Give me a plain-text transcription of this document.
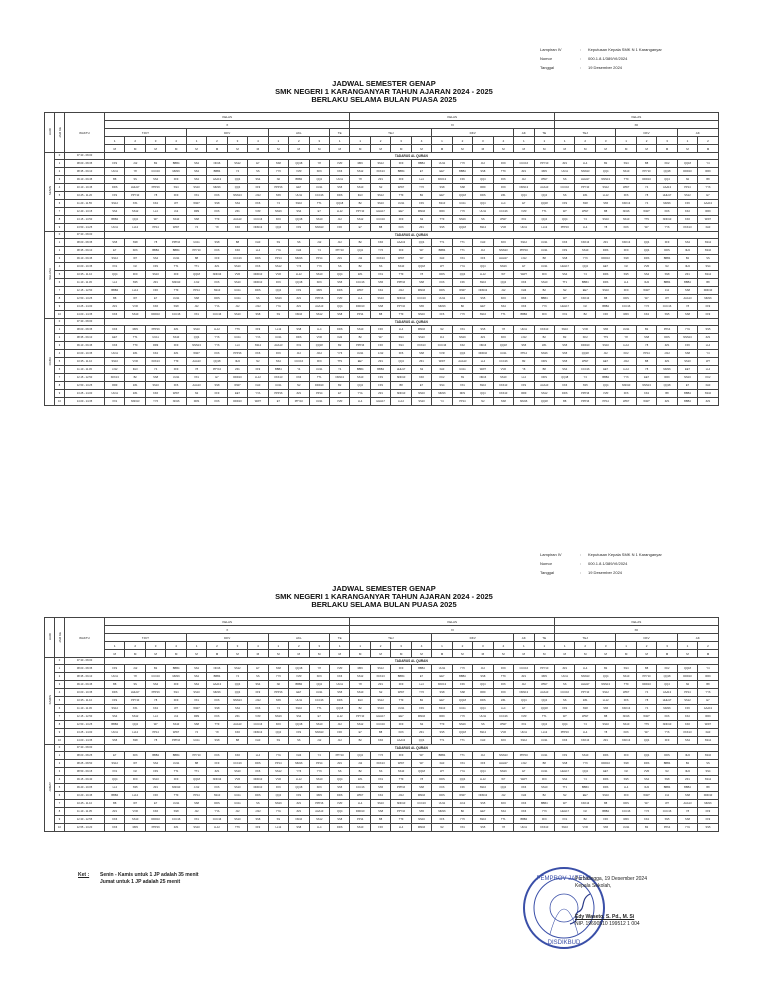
Lampiran IV	:	Keputusan Kepala SMK N 1 Karanganyar
Nomor	:	000.1.8.1/389/VI/2024
Tanggal	:	19 Desember 2024
JADWAL SEMESTER GENAP
SMK NEGERI 1 KARANGANYAR TAHUN AJARAN 2024 - 2025
BERLAKU SELAMA BULAN PUASA 2025
HARI	JAM KE	WAKTU	KELAS												KELAS										KELAS							
			X												XI										XII							
			TJKT				DKV				AKL			TE	TEJ				DKV				AK	TE	TEJ			DKV			AK	
			1	2	3	4	1	2	3	4	1	2	3	1	1	2	3	4	1	2	3	4	1	1	1	2	3	1	2	3	1	2
			M	M	M	M	M	M	M	M	M	M	M	M	M	M	M	M	M	M	M	M	M	M	M	M	M	M	M	M	M	M
SENIN	0	07.30 - 08.00	TADARUS AL QURAN																													
	1	08.00 - 08.35	FF9	J12	B2	BBB4	SS4	NN16	SS12	E7	SS8	QQ18	Y8	VVR	RR9	SS12	FF9	BBB4	UU11	YY6	J12	FF9	CCC16	PPY10	ZZ1	LL4	B2	SS4	B8	KK2	QQ18	Y4
	2	08.35 - 09.10	UU11	Y8	CCC16	MM16	SS4	BBB4	Y4	SS	YY6	VVR	KK6	KK6	SS12	KKK13	BBB4	E7	EE7	BBB4	SS8	TT9	ZZ1	RR9	UU11	NNN13	QQ4	SS10	PPY10	QQ18	DDD10	RR9
	3	09.10 - 09.45	B8	SS	SS4	FF9	SS4	AAA13	QQ4	SS4	N2	BBB4	QQ4	UU11	Y8	ZZ1	FF9	LL4	KKK13	FF9	QQ4	FF6	J12	WW7	SS	HHH17	NNN13	TT9	DDD10	QQ4	N2	B8
	4	10.10 - 10.45	DDS	HHH17	PPP16	SS4	SS10	MM16	QQ4	FF9	PPP16	EE7	UU11	SS5	SS10	N2	WW7	YY6	SS8	SS8	RR9	FF9	NNN13	AAA13	CCC16	PPY10	SS12	WW7	Y4	AAA13	PP14	YY6
	5	10.45 - 11.20	FF9	PPY10	Y8	FF9	XX1	KK6	NNN13	JJ12	SS5	UU11	CCC16	DDS	IIH3	SS12	TT9	B2	EE7	QQ18	DDS	ZZ1	QQ4	QQ4	SS	ZZ1	LL12	FF6	Y8	HHH17	SS12	E7
	6	11.20 - 11.55	SS12	XX1	KK2	W7	WW7	SS8	SS4	KK6	Y4	SS10	TT1	QQ18	B2	SS10	UU11	FF9	SS10	UU11	QQ4	LL4	E7	QQ18	FF9	SS8	SS5	KKK13	Y4	MM16	FF6	AAA13
	7	12.40 - 13.15	SS4	SS12	LL4	J12	RR9	KK6	ZZ1	VVR	NN16	SS4	E7	LL12	PPY10	HHH17	EE7	MM16	RR9	YY6	UU11	CCC16	VVR	TT1	W7	WW7	B8	NN16	WW7	KK6	KK2	RR9
	8	13.15 - 13.50	BBB4	QQ4	W7	SS10	SS8	TT9	AAA13	CCC16	KK6	QQ18	SS10	J12	SS12	CCC16	FF9	N2	TT9	NN16	SS	WW7	XX1	QQ4	QQ4	Y4	SS10	SS10	TT9	NNN13	KK6	WW7
	9	13.50 - 14.25	UU11	LL12	PP14	WW7	Y4	Y8	KK6	NNN13	QQ4	FF9	NNN13	FF6	E7	B8	KK6	ZZ1	SS5	QQ18	SS12	VVR	UU11	LL12	PPP16	LL4	Y8	KK6	W7	YY6	KKK13	IIH3
SELASA	0	07.30 - 08.00	TADARUS AL QURAN																													
	1	08.00 - 08.35	SS5	SS8	Y8	PPP16	UU11	SS8	B8	IIH3	SS	SS	J12	J12	B2	KK6	AAA13	QQ4	TT1	TT1	IIH3	KK6	SS12	UU11	KK6	KKK13	ZZ1	KKK13	QQ4	FF9	SS4	SS12
	2	08.35 - 09.10	E7	KK6	BBB4	BBB4	PPY10	KK6	KK6	LL4	YYA	IIH3	Y4	PPY10	QQ4	YY6	FF9	W7	BBB4	TT1	J12	NNN13	PPP16	UU11	FF9	SS10	DDS	FF9	QQ4	DDS	IIH3	SS10
	3	09.10 - 09.45	SS12	W7	SS4	UU11	B8	FF9	CCC16	DDS	PP14	MM16	PP14	ZZ1	J12	KKK13	WW7	W7	IIH3	XX1	FF6	HHH17	JJ12	B8	SS8	YY6	DDD10	SS8	DDS	BBB4	B2	SS
	4	10.00 - 10.35	XX1	N2	FF9	TT1	TT1	ZZ1	SS10	KK6	SS12	YY6	YY6	SS	B2	SS	SS10	QQ18	W7	YYA	QQ4	NN16	E7	UU11	HHH17	QQ4	EE7	N2	VVR	N2	IIH3	SS4
	5	10.35 - 11.10	QQ4	FF9	SS10	FF9	QQ18	NNN13	VVR	DDD10	VVR	LL12	SS10	QQ4	ZZ1	XX1	TT9	Y8	DDS	QQ4	LL12	W7	WW7	FF9	SS4	Y4	DDS	SS5	SS4	SS8	ZZ1	SS12
	6	11.10 - 11.45	LL4	SS5	ZZ1	NNN13	JJ12	KK6	SS10	DDD10	FF9	QQ18	KK6	SS5	CCC16	SS5	PPP16	SS8	KK6	FF6	SS10	QQ4	KK6	SS10	TT1	BBB4	DDS	LL4	IIH3	BBB4	BBB4	B8
	7	12.15 - 12.50	BBB4	LL12	FF6	TT9	PP14	SS10	UU11	DDS	QQ4	FF9	RR9	DDS	WW7	KK2	JJ12	MM16	DDS	WW7	NNN13	J12	IIH3	B2	N2	EE7	SS10	FF9	WW7	J12	SS8	DDD10
	8	12.50 - 13.25	B8	W7	E7	UU11	SS8	DDS	UU11	SS	NN16	ZZ1	PPP16	VVR	LL4	SS10	NNN13	CCC16	UU11	JJ12	SS5	KK6	KK6	BBB4	W7	KKK13	B8	DDS	W7	W7	AAA13	MM16
	9	13.25 - 14.00	ZZ1	VVR	KK6	SS8	J12	YYA	J12	JJ12	YYA	ZZ1	AAA13	QQ4	DDD10	SS8	PPY10	SS5	MM16	B2	EE7	SS4	KK6	YY6	HHH17	N2	BBB4	CCC16	YY6	CCC16	Y8	FF9
	10	14.00 - 14.35	KK6	SS10	DDD10	CCC16	XX1	CCC16	SS10	SS8	SS	NN16	SS12	SS8	PP14	B8	TT9	NN16	FF6	YY6	SS10	TT1	BBB4	FF9	XX1	B2	FF6	RR9	KK2	SS5	SS8	FF9
RABU	0	07.30 - 08.00	TADARUS AL QURAN																													
	1	08.00 - 08.35	KK6	RR9	PPP16	ZZ1	SS10	LL12	TT9	FF9	LL12	SS8	LL4	DDS	SS10	FF6	LL4	MM16	N2	XX1	SS5	Y8	UU11	KKK13	SS10	VVR	SS5	UU11	B2	PP14	YYA	SS5
	2	08.35 - 09.10	EE7	TT1	UU11	SS10	QQ4	YY6	UU11	YYA	UU11	DDS	VVR	IIH3	B2	W7	SS4	SS10	J12	NN16	ZZ1	KK6	JJ12	B2	B2	KK2	TT9	Y8	SS8	DDS	NNN13	ZZ1
	3	09.10 - 09.45	KK6	TT9	RR9	FF9	NNN13	YY6	LL4	SS12	AAA13	XX1	QQ18	B2	PPP16	FF6	SS4	KKK13	CCC16	KK2	NN16	QQ18	SS5	ZZ1	SS5	DDD10	SS10	LL12	Y8	ZZ1	FF6	LL4
	4	10.00 - 10.35	UU11	ZZ1	KK2	ZZ1	WW7	KK6	PPP16	KK6	FF9	J12	JJ12	YY6	UU11	JJ12	FF6	SS8	VVR	QQ4	DDD10	UU11	PP14	NN16	SS5	QQ18	J12	KK2	PP14	JJ12	SS8	Y4
	5	10.35 - 11.10	SS10	VVR	KKK13	TT9	AAA13	QQ18	IIH3	N2	SS4	CCC16	FF9	TT9	EE7	ZZ1	QQ4	ZZ1	WW7	AAA13	LL4	CCC16	B2	DDS	SS5	WW7	EE7	JJ12	B8	ZZ1	SS10	W7
	6	11.10 - 11.45	JJ12	IIH3	Y4	FF9	Y8	PPY10	ZZ1	FF9	BBB4	Y4	UU11	Y4	BBB4	BBB4	HHH17	N2	IIH3	UU11	WW7	VVR	Y8	B8	SS4	CCC16	EE7	LL12	Y8	MM16	EE7	LL4
	7	12.15 - 12.50	KKK13	B2	SS8	UU11	XX1	E7	DDD10	LL12	KKK13	KK6	TT1	NNN13	SS10	FF9	NNN13	KK6	KK2	SS	NN16	SS10	LL4	DDS	QQ18	Y4	BBB4	YY6	EE7	RR9	NN16	KK2
	8	12.50 - 13.25	RR9	ZZ1	SS10	FF6	AAA13	SS8	WW7	IIH3	UU11	N2	DDD10	B2	QQ4	FF9	B8	E7	SS4	XX1	SS10	KKK13	FF9	AAA13	KK6	SS5	QQ4	NNN13	NNN13	QQ18	E7	IIH3
	9	13.25 - 14.00	UU11	ZZ1	KK6	WW7	N2	FF9	EE7	YYA	PPP16	ZZ1	PP14	E7	YYA	ZZ1	NNN13	NN16	MM16	DDS	QQ4	KKK13	RR9	SS12	DDS	PPP16	VVR	FF6	KK2	B8	BBB4	SS10
	10	14.00 - 14.35	XX1	NNN13	YY6	NN16	DDS	KK6	DDD10	WW7	E7	PPY10	UU11	VVR	LL4	HHH17	LL12	SS10	Y4	PP14	N2	SS8	MM16	QQ18	B8	PPP16	PP14	WW7	WW7	ZZ1	BBB4	ZZ1
Lampiran IV	:	Keputusan Kepala SMK N 1 Karanganyar
Nomor	:	000.1.8.1/389/VI/2024
Tanggal	:	19 Desember 2024
JADWAL SEMESTER GENAP
SMK NEGERI 1 KARANGANYAR TAHUN AJARAN 2024 - 2025
BERLAKU SELAMA BULAN PUASA 2025
HARI	JAM KE	WAKTU	KELAS												KELAS										KELAS							
			X												XI										XII							
			TJKT				DKV				AKL			TE	TEJ				DKV				AK	TE	TEJ			DKV			AK	
			1	2	3	4	1	2	3	4	1	2	3	1	1	2	3	4	1	2	3	4	1	1	1	2	3	1	2	3	1	2
			M	M	M	M	M	M	M	M	M	M	M	M	M	M	M	M	M	M	M	M	M	M	M	M	M	M	M	M	M	M
KAMIS	0	07.30 - 08.00	TADARUS AL QURAN																													
	1	08.00 - 08.35	FF9	J12	B2	BBB4	SS4	NN16	SS12	E7	SS8	QQ18	Y8	VVR	RR9	SS12	FF9	BBB4	UU11	YY6	J12	FF9	CCC16	PPY10	ZZ1	LL4	B2	SS4	B8	KK2	QQ18	Y4
	2	08.35 - 09.10	UU11	Y8	CCC16	MM16	SS4	BBB4	Y4	SS	YY6	VVR	KK6	KK6	SS12	KKK13	BBB4	E7	EE7	BBB4	SS8	TT9	ZZ1	RR9	UU11	NNN13	QQ4	SS10	PPY10	QQ18	DDD10	RR9
	3	09.10 - 09.45	B8	SS	SS4	FF9	SS4	AAA13	QQ4	SS4	N2	BBB4	QQ4	UU11	Y8	ZZ1	FF9	LL4	KKK13	FF9	QQ4	FF6	J12	WW7	SS	HHH17	NNN13	TT9	DDD10	QQ4	N2	B8
	4	10.00 - 10.35	DDS	HHH17	PPP16	SS4	SS10	MM16	QQ4	FF9	PPP16	EE7	UU11	SS5	SS10	N2	WW7	YY6	SS8	SS8	RR9	FF9	NNN13	AAA13	CCC16	PPY10	SS12	WW7	Y4	AAA13	PP14	YY6
	5	10.35 - 11.10	FF9	PPY10	Y8	FF9	XX1	KK6	NNN13	JJ12	SS5	UU11	CCC16	DDS	IIH3	SS12	TT9	B2	EE7	QQ18	DDS	ZZ1	QQ4	QQ4	SS	ZZ1	LL12	FF6	Y8	HHH17	SS12	E7
	6	11.10 - 11.45	SS12	XX1	KK2	W7	WW7	SS8	SS4	KK6	Y4	SS10	TT1	QQ18	B2	SS10	UU11	FF9	SS10	UU11	QQ4	LL4	E7	QQ18	FF9	SS8	SS5	KKK13	Y4	MM16	FF6	AAA13
	7	12.15 - 12.50	SS4	SS12	LL4	J12	RR9	KK6	ZZ1	VVR	NN16	SS4	E7	LL12	PPY10	HHH17	EE7	MM16	RR9	YY6	UU11	CCC16	VVR	TT1	W7	WW7	B8	NN16	WW7	KK6	KK2	RR9
	8	12.50 - 13.25	BBB4	QQ4	W7	SS10	SS8	TT9	AAA13	CCC16	KK6	QQ18	SS10	J12	SS12	CCC16	FF9	N2	TT9	NN16	SS	WW7	XX1	QQ4	QQ4	Y4	SS10	SS10	TT9	NNN13	KK6	WW7
	9	13.25 - 14.00	UU11	LL12	PP14	WW7	Y4	Y8	KK6	NNN13	QQ4	FF9	NNN13	FF6	E7	B8	KK6	ZZ1	SS5	QQ18	SS12	VVR	UU11	LL12	PPP16	LL4	Y8	KK6	W7	YY6	KKK13	IIH3
	10	14.00 - 14.35	SS5	SS8	Y8	PPP16	UU11	SS8	B8	IIH3	SS	SS	J12	J12	B2	KK6	AAA13	QQ4	TT1	TT1	IIH3	KK6	SS12	UU11	KK6	KKK13	ZZ1	KKK13	QQ4	FF9	SS4	SS12
JUMAT	0	07.30 - 08.00	TADARUS AL QURAN																													
	1	08.00 - 08.25	E7	KK6	BBB4	BBB4	PPY10	KK6	KK6	LL4	YYA	IIH3	Y4	PPY10	QQ4	YY6	FF9	W7	BBB4	TT1	J12	NNN13	PPP16	UU11	FF9	SS10	DDS	FF9	QQ4	DDS	IIH3	SS10
	2	08.25 - 08.50	SS12	W7	SS4	UU11	B8	FF9	CCC16	DDS	PP14	MM16	PP14	ZZ1	J12	KKK13	WW7	W7	IIH3	XX1	FF6	HHH17	JJ12	B8	SS8	YY6	DDD10	SS8	DDS	BBB4	B2	SS
	3	08.50 - 09.15	XX1	N2	FF9	TT1	TT1	ZZ1	SS10	KK6	SS12	YY6	YY6	SS	B2	SS	SS10	QQ18	W7	YYA	QQ4	NN16	E7	UU11	HHH17	QQ4	EE7	N2	VVR	N2	IIH3	SS4
	4	09.15 - 09.40	QQ4	FF9	SS10	FF9	QQ18	NNN13	VVR	DDD10	VVR	LL12	SS10	QQ4	ZZ1	XX1	TT9	Y8	DDS	QQ4	LL12	W7	WW7	FF9	SS4	Y4	DDS	SS5	SS4	SS8	ZZ1	SS12
	5	09.40 - 10.05	LL4	SS5	ZZ1	NNN13	JJ12	KK6	SS10	DDD10	FF9	QQ18	KK6	SS5	CCC16	SS5	PPP16	SS8	KK6	FF6	SS10	QQ4	KK6	SS10	TT1	BBB4	DDS	LL4	IIH3	BBB4	BBB4	B8
	6	10.20 - 10.45	BBB4	LL12	FF6	TT9	PP14	SS10	UU11	DDS	QQ4	FF9	RR9	DDS	WW7	KK2	JJ12	MM16	DDS	WW7	NNN13	J12	IIH3	B2	N2	EE7	SS10	FF9	WW7	J12	SS8	DDD10
	7	10.45 - 11.10	B8	W7	E7	UU11	SS8	DDS	UU11	SS	NN16	ZZ1	PPP16	VVR	LL4	SS10	NNN13	CCC16	UU11	JJ12	SS5	KK6	KK6	BBB4	W7	KKK13	B8	DDS	W7	W7	AAA13	MM16
	8	11.10 - 11.35	ZZ1	VVR	KK6	SS8	J12	YYA	J12	JJ12	YYA	ZZ1	AAA13	QQ4	DDD10	SS8	PPY10	SS5	MM16	B2	EE7	SS4	KK6	YY6	HHH17	N2	BBB4	CCC16	YY6	CCC16	Y8	FF9
	9	12.30 - 12.55	KK6	SS10	DDD10	CCC16	XX1	CCC16	SS10	SS8	SS	NN16	SS12	SS8	PP14	B8	TT9	NN16	FF6	YY6	SS10	TT1	BBB4	FF9	XX1	B2	FF6	RR9	KK2	SS5	SS8	FF9
	10	12.55 - 13.20	KK6	RR9	PPP16	ZZ1	SS10	LL12	TT9	FF9	LL12	SS8	LL4	DDS	SS10	FF6	LL4	MM16	N2	XX1	SS5	Y8	UU11	KKK13	SS10	VVR	SS5	UU11	B2	PP14	YYA	SS5
Ket : Senin - Kamis untuk 1 JP adalah 35 menit
Jumat untuk 1 JP adalah 25 menit	PEMPROV JATENG
DISDIKBUD
Purbalingga, 19 Desember 2024
Kepala Sekolah,
Edy Waseto, S. Pd., M. Si
NIP. 19690510 199512 1 004
